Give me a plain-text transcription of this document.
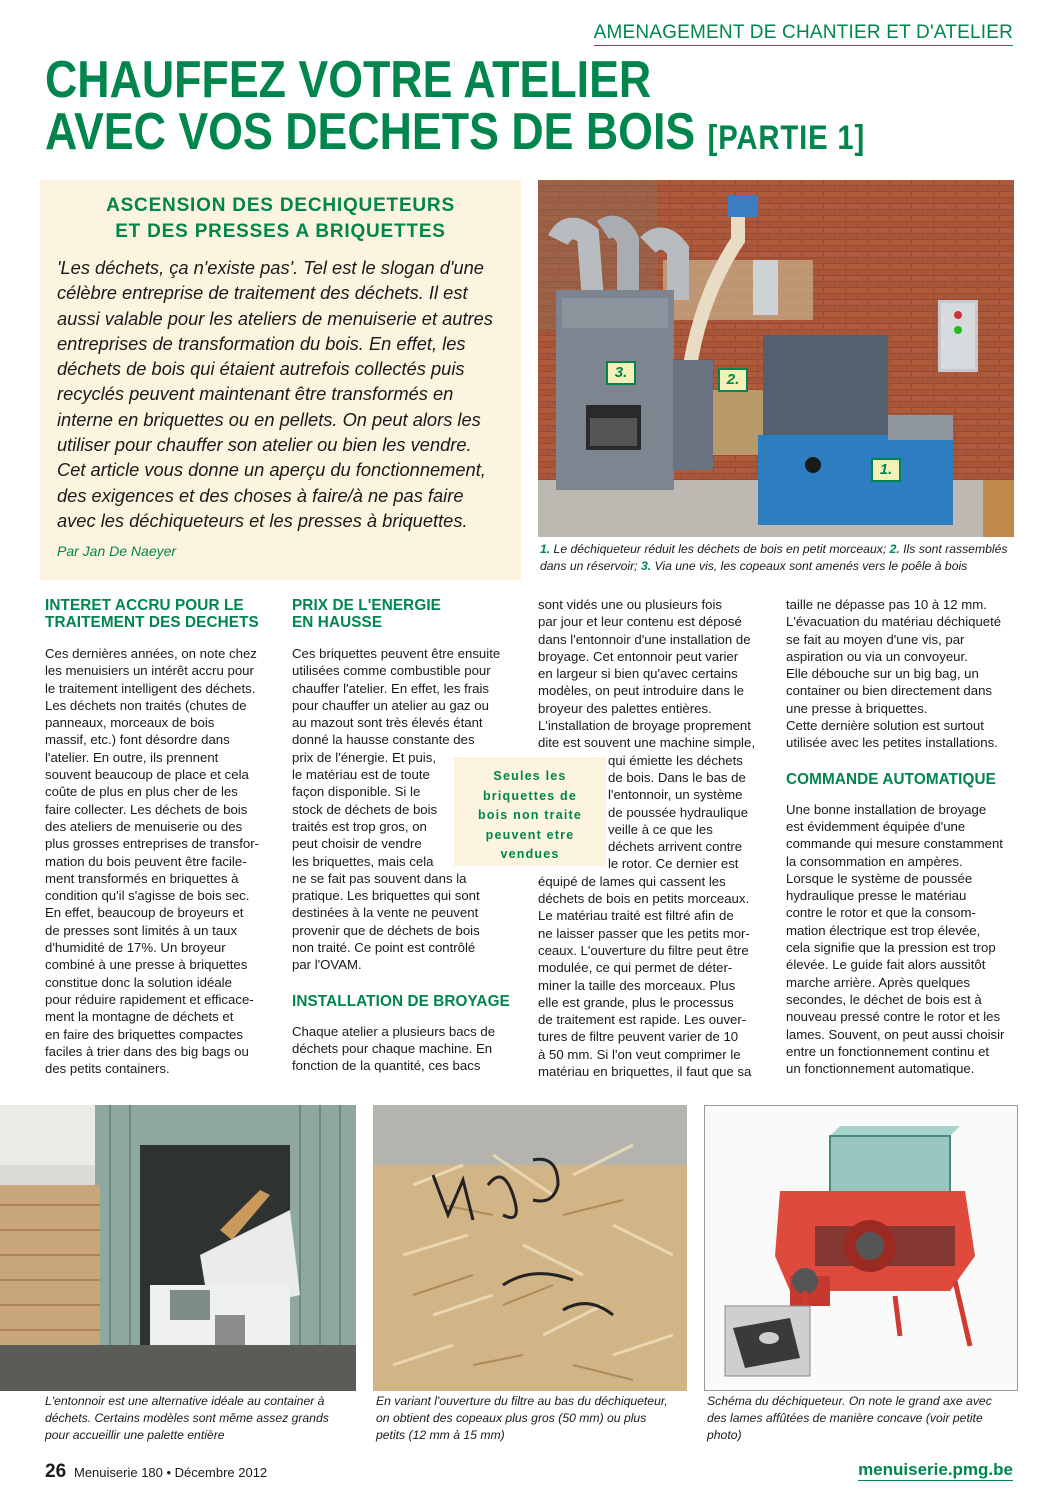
AMENAGEMENT DE CHANTIER ET D'ATELIER
CHAUFFEZ VOTRE ATELIER
AVEC VOS DECHETS DE BOIS [PARTIE 1]
ASCENSION DES DECHIQUETEURS
ET DES PRESSES A BRIQUETTES
'Les déchets, ça n'existe pas'. Tel est le slogan d'une
célèbre entreprise de traitement des déchets. Il est
aussi valable pour les ateliers de menuiserie et autres
entreprises de transformation du bois. En effet, les
déchets de bois qui étaient autrefois collectés puis
recyclés peuvent maintenant être transformés en
interne en briquettes ou en pellets. On peut alors les
utiliser pour chauffer son atelier ou bien les vendre.
Cet article vous donne un aperçu du fonctionnement,
des exigences et des choses à faire/à ne pas faire
avec les déchiqueteurs et les presses à briquettes.
Par Jan De Naeyer
3.	2.
1.
1. Le déchiqueteur réduit les déchets de bois en petit morceaux; 2. Ils sont rassemblés dans un réservoir; 3. Via une vis, les copeaux sont amenés vers le poêle à bois
INTERET ACCRU POUR LE TRAITEMENT DES DECHETS
Ces dernières années, on note chez
les menuisiers un intérêt accru pour
le traitement intelligent des déchets.
Les déchets non traités (chutes de
panneaux, morceaux de bois
massif, etc.) font désordre dans
l'atelier. En outre, ils prennent
souvent beaucoup de place et cela
coûte de plus en plus cher de les
faire collecter. Les déchets de bois
des ateliers de menuiserie ou des
plus grosses entreprises de transfor-
mation du bois peuvent être facile-
ment transformés en briquettes à
condition qu'il s'agisse de bois sec.
En effet, beaucoup de broyeurs et
de presses sont limités à un taux
d'humidité de 17%. Un broyeur
combiné à une presse à briquettes
constitue donc la solution idéale
pour réduire rapidement et efficace-
ment la montagne de déchets et
en faire des briquettes compactes
faciles à trier dans des big bags ou
des petits containers.
PRIX DE L'ENERGIE EN HAUSSE
Ces briquettes peuvent être ensuite
utilisées comme combustible pour
chauffer l'atelier. En effet, les frais
pour chauffer un atelier au gaz ou
au mazout sont très élevés étant
donné la hausse constante des
prix de l'énergie. Et puis,
le matériau est de toute
façon disponible. Si le
stock de déchets de bois
traités est trop gros, on
peut choisir de vendre
les briquettes, mais cela
ne se fait pas souvent dans la
pratique. Les briquettes qui sont
destinées à la vente ne peuvent
provenir que de déchets de bois
non traité. Ce point est contrôlé
par l'OVAM.
INSTALLATION DE BROYAGE
Chaque atelier a plusieurs bacs de
déchets pour chaque machine. En
fonction de la quantité, ces bacs
sont vidés une ou plusieurs fois
par jour et leur contenu est déposé
dans l'entonnoir d'une installation de
broyage. Cet entonnoir peut varier
en largeur si bien qu'avec certains
modèles, on peut introduire dans le
broyeur des palettes entières.
L'installation de broyage proprement
dite est souvent une machine simple,
qui émiette les déchets
de bois. Dans le bas de
l'entonnoir, un système
de poussée hydraulique
veille à ce que les
déchets arrivent contre
le rotor. Ce dernier est
équipé de lames qui cassent les
déchets de bois en petits morceaux.
Le matériau traité est filtré afin de
ne laisser passer que les petits mor-
ceaux. L'ouverture du filtre peut être
modulée, ce qui permet de déter-
miner la taille des morceaux. Plus
elle est grande, plus le processus
de traitement est rapide. Les ouver-
tures de filtre peuvent varier de 10
à 50 mm. Si l'on veut comprimer le
matériau en briquettes, il faut que sa
taille ne dépasse pas 10 à 12 mm.
L'évacuation du matériau déchiqueté
se fait au moyen d'une vis, par
aspiration ou via un convoyeur.
Elle débouche sur un big bag, un
container ou bien directement dans
une presse à briquettes.
Cette dernière solution est surtout
utilisée avec les petites installations.
COMMANDE AUTOMATIQUE
Une bonne installation de broyage
est évidemment équipée d'une
commande qui mesure constamment
la consommation en ampères.
Lorsque le système de poussée
hydraulique presse le matériau
contre le rotor et que la consom-
mation électrique est trop élevée,
cela signifie que la pression est trop
élevée. Le guide fait alors aussitôt
marche arrière. Après quelques
secondes, le déchet de bois est à
nouveau pressé contre le rotor et les
lames. Souvent, on peut aussi choisir
entre un fonctionnement continu et
un fonctionnement automatique.
Seules les
briquettes de
bois non traite
peuvent etre
vendues
L'entonnoir est une alternative idéale au container à déchets. Certains modèles sont même assez grands pour accueillir une palette entière
En variant l'ouverture du filtre au bas du déchiqueteur, on obtient des copeaux plus gros (50 mm) ou plus petits (12 mm à 15 mm)
Schéma du déchiqueteur. On note le grand axe avec des lames affûtées de manière concave (voir petite photo)
26 Menuiserie 180 • Décembre 2012	menuiserie.pmg.be
